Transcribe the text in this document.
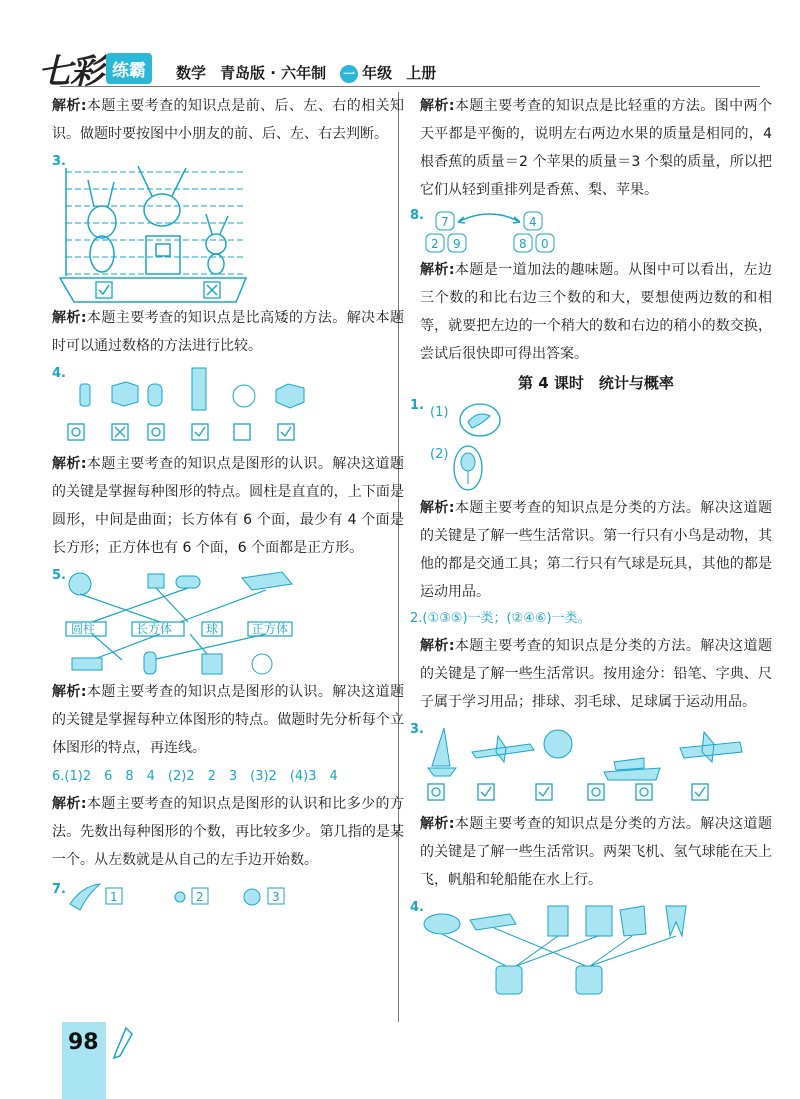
七彩 练霸	数学 青岛版 · 六年制 一 年级 上册

解析:本题主要考查的知识点是前、后、左、右的相关知识。做题时要按图中小朋友的前、后、左、右去判断。

3.

解析:本题主要考查的知识点是比高矮的方法。解决本题时可以通过数格的方法进行比较。

4.

解析:本题主要考查的知识点是图形的认识。解决这道题的关键是掌握每种图形的特点。圆柱是直直的，上下面是圆形，中间是曲面；长方体有 6 个面，最少有 4 个面是长方形；正方体也有 6 个面，6 个面都是正方形。

5.
圆柱	长方体	球	正方体

解析:本题主要考查的知识点是图形的认识。解决这道题的关键是掌握每种立体图形的特点。做题时先分析每个立体图形的特点，再连线。

6.(1)2　6　8　4　(2)2　2　3　(3)2　(4)3　4

解析:本题主要考查的知识点是图形的认识和比多少的方法。先数出每种图形的个数，再比较多少。第几指的是某一个。从左数就是从自己的左手边开始数。

7.	1	2	3

解析:本题主要考查的知识点是比轻重的方法。图中两个天平都是平衡的，说明左右两边水果的质量是相同的，4 根香蕉的质量＝2 个苹果的质量＝3 个梨的质量，所以把它们从轻到重排列是香蕉、梨、苹果。

8. 7
2 9
4
8 0

解析:本题是一道加法的趣味题。从图中可以看出，左边三个数的和比右边三个数的和大，要想使两边数的和相等，就要把左边的一个稍大的数和右边的稍小的数交换，尝试后很快即可得出答案。

第 4 课时　统计与概率
1. (1)
(2)

解析:本题主要考查的知识点是分类的方法。解决这道题的关键是了解一些生活常识。第一行只有小鸟是动物，其他的都是交通工具；第二行只有气球是玩具，其他的都是运动用品。

2.(①③⑤)一类；(②④⑥)一类。

解析:本题主要考查的知识点是分类的方法。解决这道题的关键是了解一些生活常识。按用途分：铅笔、字典、尺子属于学习用品；排球、羽毛球、足球属于运动用品。

3.

解析:本题主要考查的知识点是分类的方法。解决这道题的关键是了解一些生活常识。两架飞机、氢气球能在天上飞，帆船和轮船能在水上行。

4.
98
